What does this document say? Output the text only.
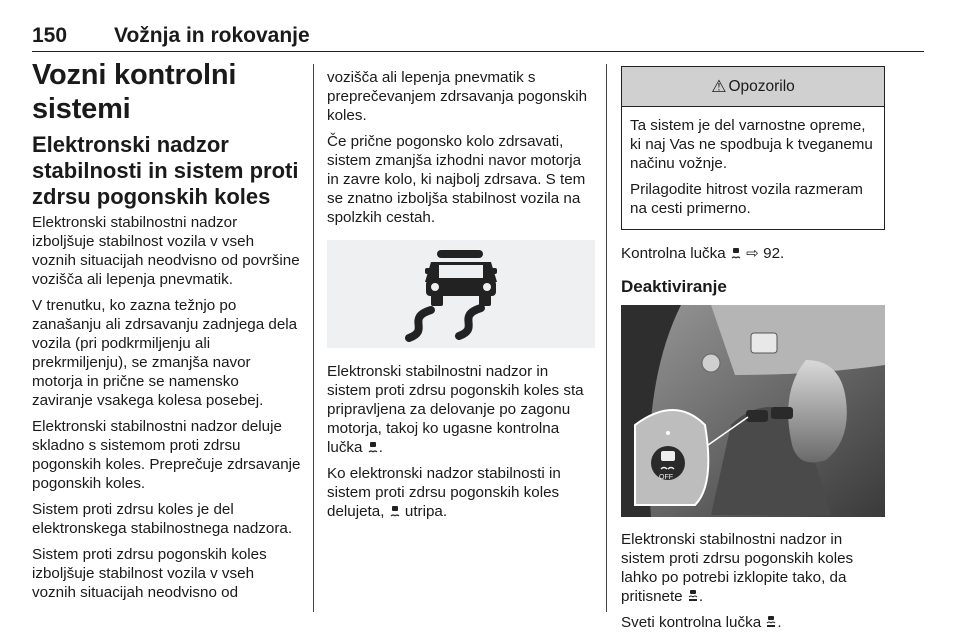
150 Vožnja in rokovanje
Vozni kontrolni sistemi
Elektronski nadzor stabilnosti in sistem proti zdrsu pogonskih koles

Elektronski stabilnostni nadzor izboljšuje stabilnost vozila v vseh voznih situacijah neodvisno od površine vozišča ali lepenja pnevmatik.

V trenutku, ko zazna težnjo po zanašanju ali zdrsavanju zadnjega dela vozila (pri podkrmiljenju ali prekrmiljenju), se zmanjša navor motorja in prične se namensko zaviranje vsakega kolesa posebej.

Elektronski stabilnostni nadzor deluje skladno s sistemom proti zdrsu pogonskih koles. Preprečuje zdrsavanje pogonskih koles.

Sistem proti zdrsu koles je del elektronskega stabilnostnega nadzora.

Sistem proti zdrsu pogonskih koles izboljšuje stabilnost vozila v vseh voznih situacijah neodvisno od

vozišča ali lepenja pnevmatik s preprečevanjem zdrsavanja pogonskih koles.

Če prične pogonsko kolo zdrsavati, sistem zmanjša izhodni navor motorja in zavre kolo, ki najbolj zdrsava. S tem se znatno izboljša stabilnost vozila na spolzkih cestah.

Elektronski stabilnostni nadzor in sistem proti zdrsu pogonskih koles sta pripravljena za delovanje po zagonu motorja, takoj ko ugasne kontrolna lučka .

Ko elektronski nadzor stabilnosti in sistem proti zdrsu pogonskih koles delujeta,  utripa.

⚠ Opozorilo

Ta sistem je del varnostne opreme, ki naj Vas ne spodbuja k tveganemu načinu vožnje.

Prilagodite hitrost vozila razmeram na cesti primerno.

Kontrolna lučka ⇨ 92.

Deaktiviranje
OFF

Elektronski stabilnostni nadzor in sistem proti zdrsu pogonskih koles lahko po potrebi izklopite tako, da pritisnete .

Sveti kontrolna lučka .
